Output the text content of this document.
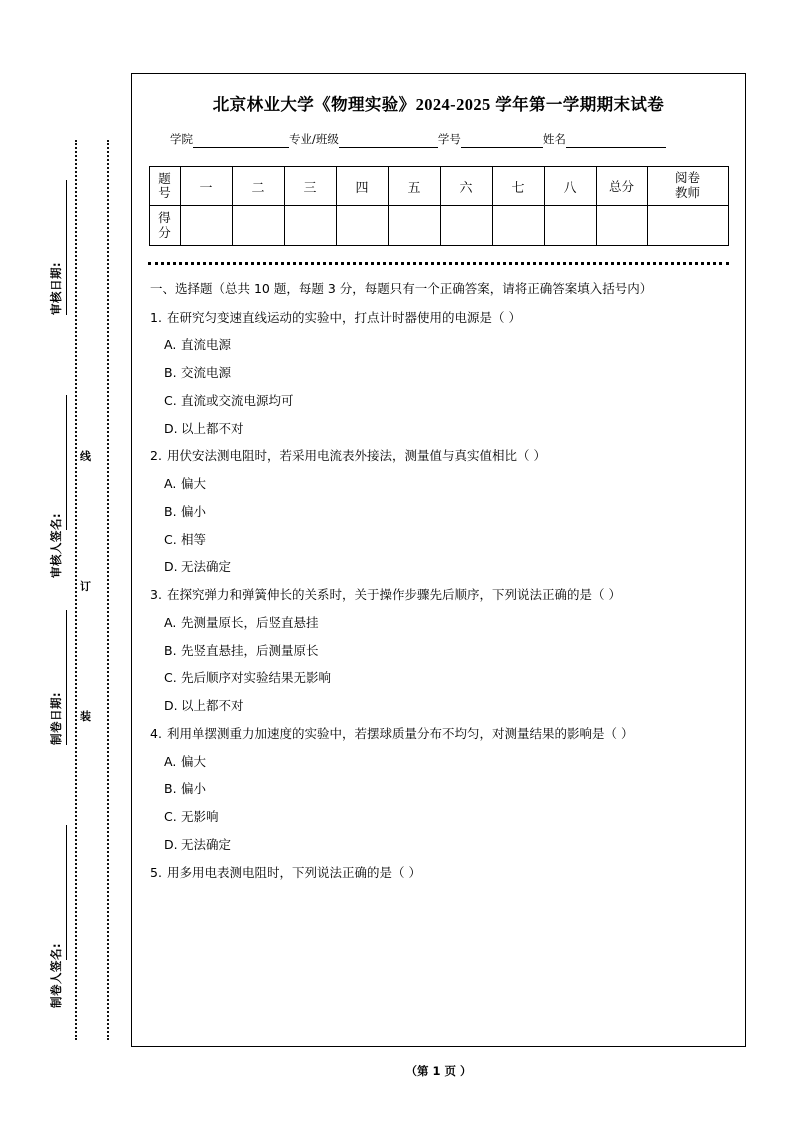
审核日期:
审核人签名:
制卷日期:
制卷人签名:
线
订
装
北京林业大学《物理实验》2024‑2025 学年第一学期期末试卷
学院	专业/班级	学号	姓名
题
号	一	二	三	四	五	六	七	八	总分	阅卷
教师

得
分										

一、选择题（总共 10 题，每题 3 分，每题只有一个正确答案，请将正确答案填入括号内）
1. 在研究匀变速直线运动的实验中，打点计时器使用的电源是（ ）
A. 直流电源
B. 交流电源
C. 直流或交流电源均可
D. 以上都不对
2. 用伏安法测电阻时，若采用电流表外接法，测量值与真实值相比（ ）
A. 偏大
B. 偏小
C. 相等
D. 无法确定
3. 在探究弹力和弹簧伸长的关系时，关于操作步骤先后顺序，下列说法正确的是（ ）
A. 先测量原长，后竖直悬挂
B. 先竖直悬挂，后测量原长
C. 先后顺序对实验结果无影响
D. 以上都不对
4. 利用单摆测重力加速度的实验中，若摆球质量分布不均匀，对测量结果的影响是（ ）
A. 偏大
B. 偏小
C. 无影响
D. 无法确定
5. 用多用电表测电阻时，下列说法正确的是（ ）
（第 1 页 ）
